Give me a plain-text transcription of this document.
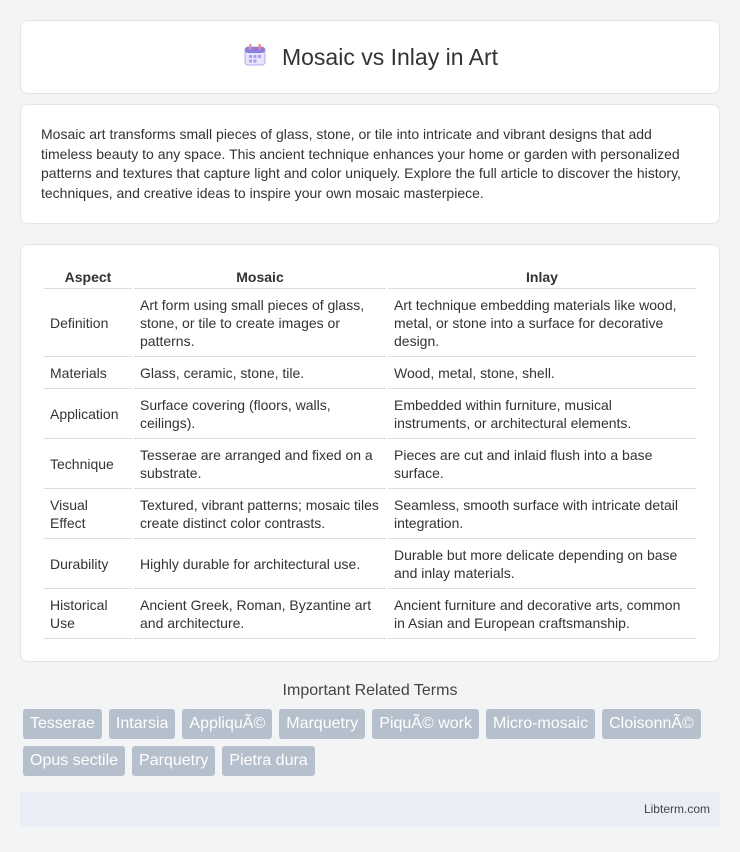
Mosaic vs Inlay in Art

Mosaic art transforms small pieces of glass, stone, or tile into intricate and vibrant designs that add timeless beauty to any space. This ancient technique enhances your home or garden with personalized patterns and textures that capture light and color uniquely. Explore the full article to discover the history, techniques, and creative ideas to inspire your own mosaic masterpiece.

Aspect	Mosaic	Inlay
Definition	Art form using small pieces of glass, stone, or tile to create images or patterns.	Art technique embedding materials like wood, metal, or stone into a surface for decorative design.
Materials	Glass, ceramic, stone, tile.	Wood, metal, stone, shell.
Application	Surface covering (floors, walls, ceilings).	Embedded within furniture, musical instruments, or architectural elements.
Technique	Tesserae are arranged and fixed on a substrate.	Pieces are cut and inlaid flush into a base surface.
Visual Effect	Textured, vibrant patterns; mosaic tiles create distinct color contrasts.	Seamless, smooth surface with intricate detail integration.
Durability	Highly durable for architectural use.	Durable but more delicate depending on base and inlay materials.
Historical Use	Ancient Greek, Roman, Byzantine art and architecture.	Ancient furniture and decorative arts, common in Asian and European craftsmanship.
Important Related Terms
Tesserae	Intarsia	AppliquÃ©	Marquetry	PiquÃ© work	Micro-mosaic	CloisonnÃ©
Opus sectile	Parquetry	Pietra dura
Libterm.com
